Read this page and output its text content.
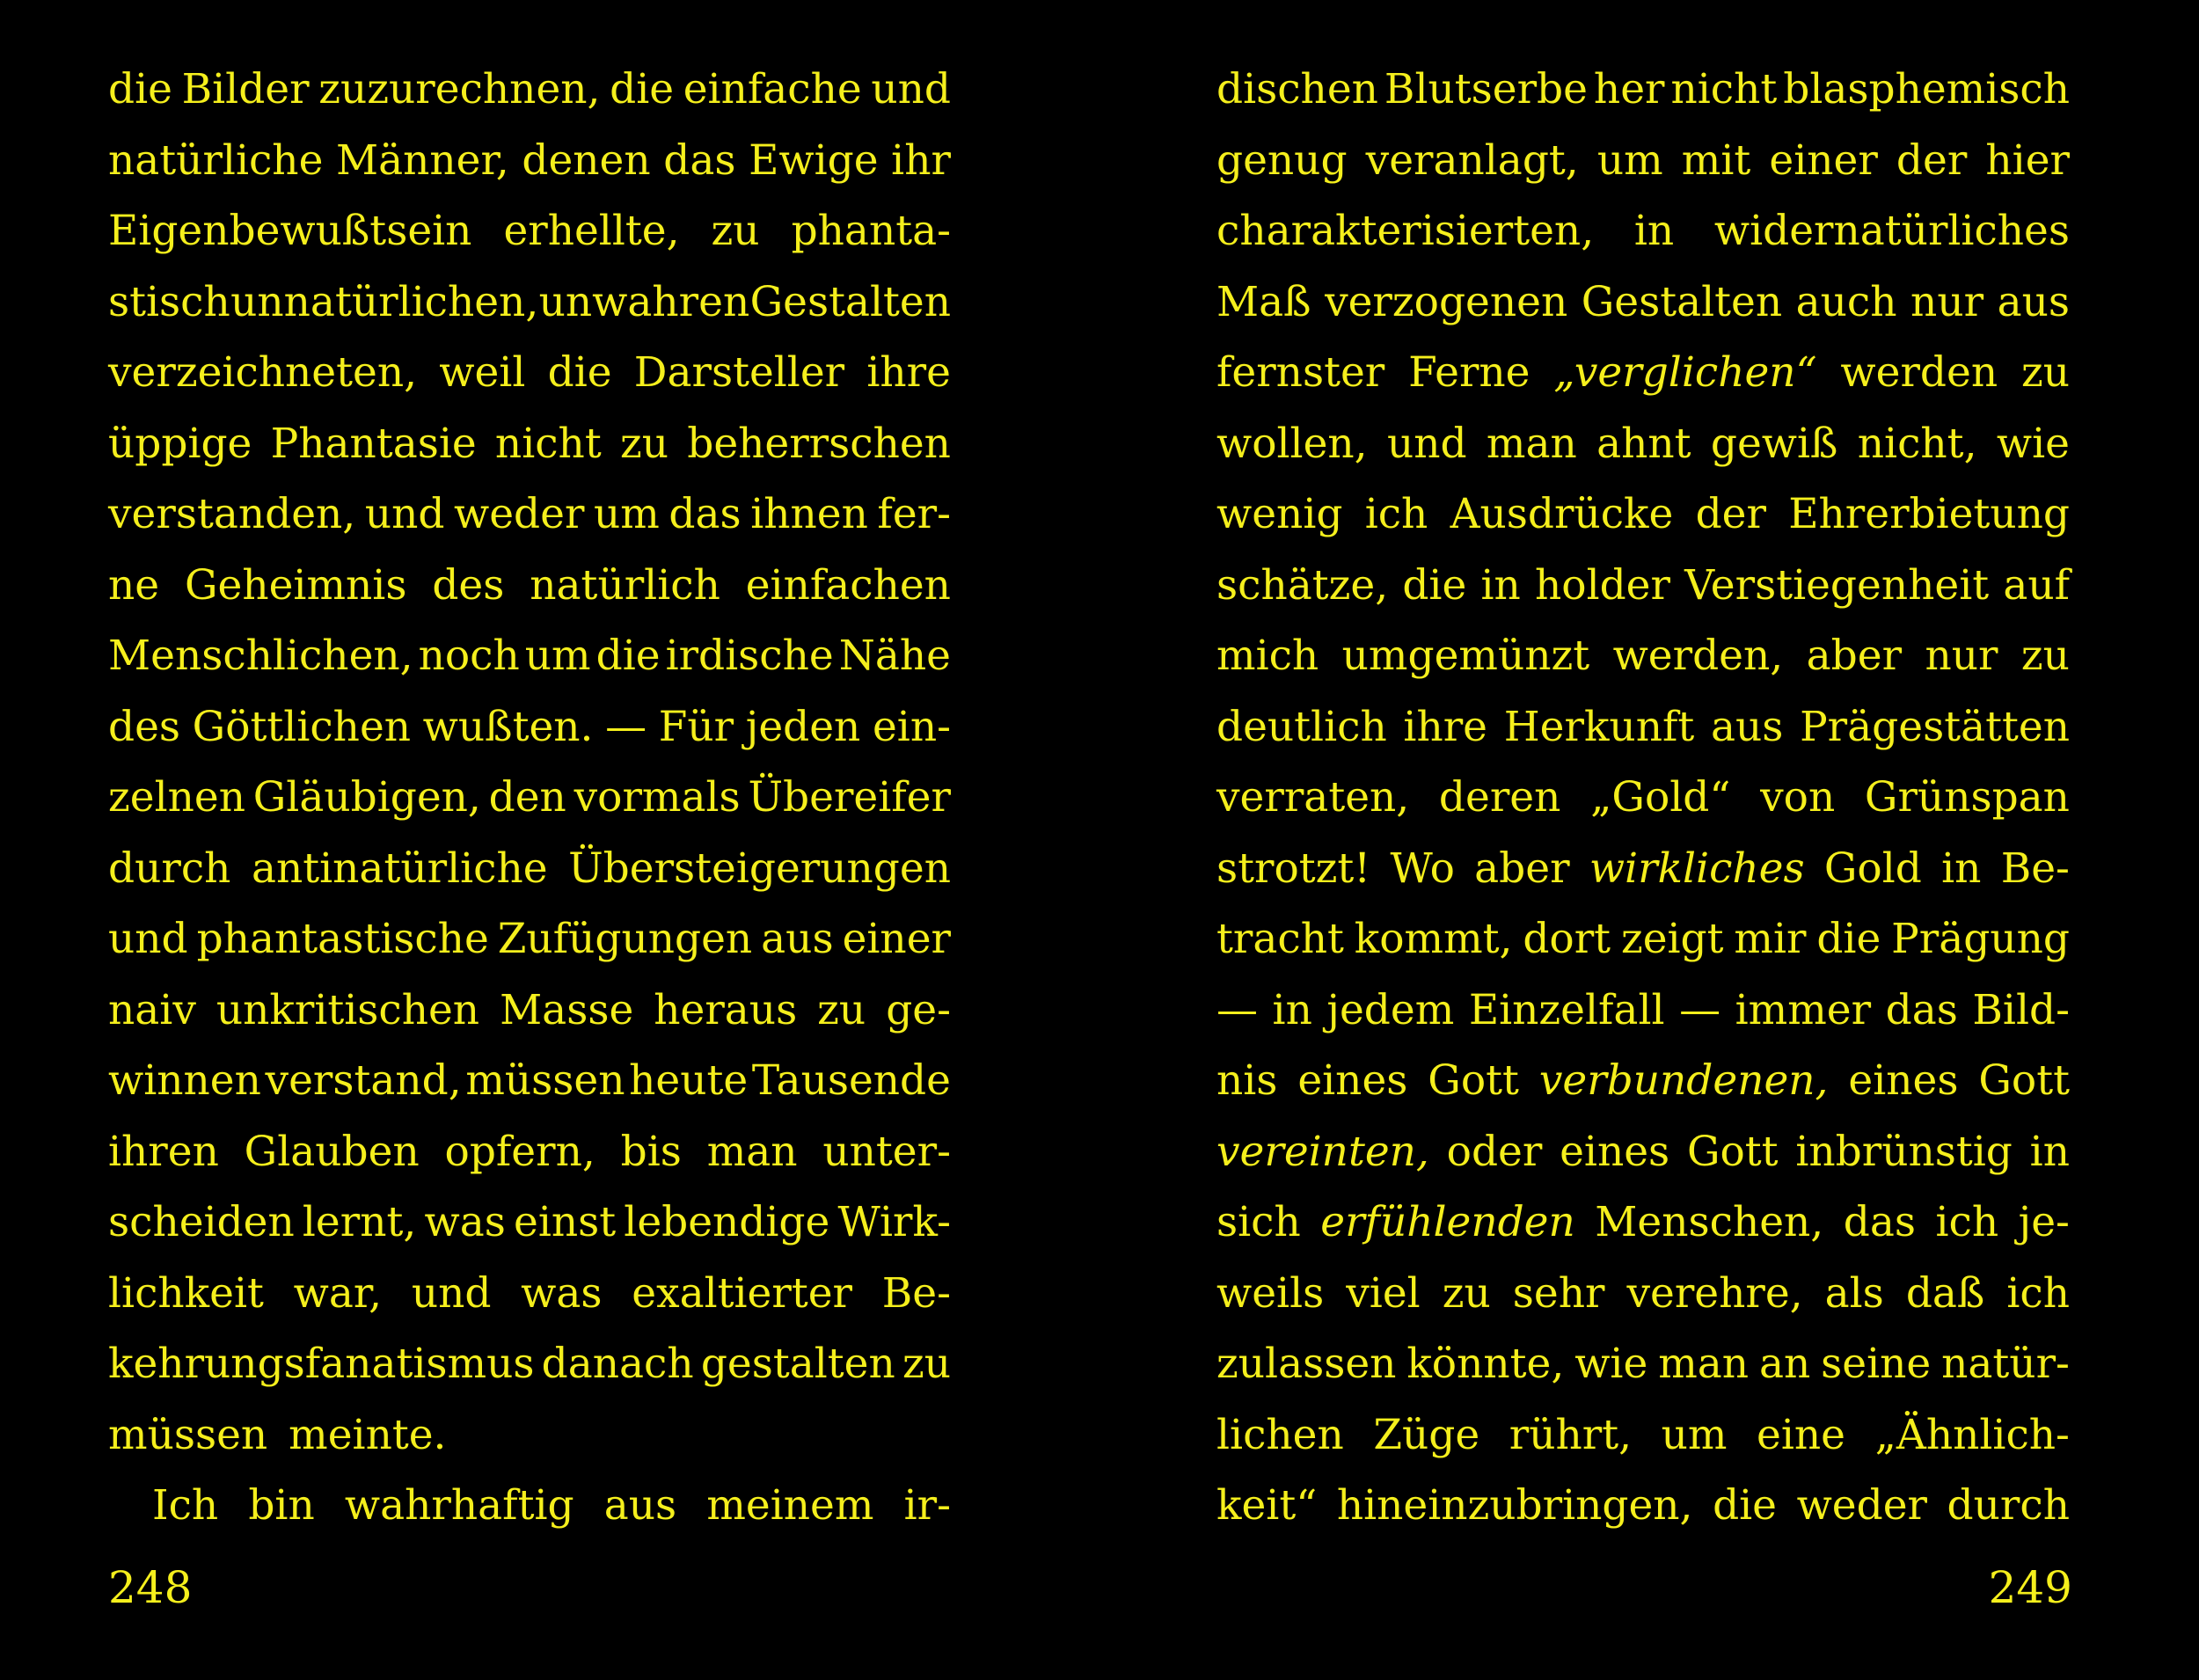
die Bilder zuzurechnen, die einfache und
natürliche Männer, denen das Ewige ihr
Eigenbewußtsein erhellte, zu phanta-
stisch unnatürlichen, unwahren Gestalten
verzeichneten, weil die Darsteller ihre
üppige Phantasie nicht zu beherrschen
verstanden, und weder um das ihnen fer-
ne Geheimnis des natürlich einfachen
Menschlichen, noch um die irdische Nähe
des Göttlichen wußten. — Für jeden ein-
zelnen Gläubigen, den vormals Übereifer
durch antinatürliche Übersteigerungen
und phantastische Zufügungen aus einer
naiv unkritischen Masse heraus zu ge-
winnen verstand, müssen heute Tausende
ihren Glauben opfern, bis man unter-
scheiden lernt, was einst lebendige Wirk-
lichkeit war, und was exaltierter Be-
kehrungsfanatismus danach gestalten zu
müssen meinte.
Ich bin wahrhaftig aus meinem ir-
dischen Blutserbe her nicht blasphemisch
genug veranlagt, um mit einer der hier
charakterisierten, in widernatürliches
Maß verzogenen Gestalten auch nur aus
fernster Ferne „verglichen“ werden zu
wollen, und man ahnt gewiß nicht, wie
wenig ich Ausdrücke der Ehrerbietung
schätze, die in holder Verstiegenheit auf
mich umgemünzt werden, aber nur zu
deutlich ihre Herkunft aus Prägestätten
verraten, deren „Gold“ von Grünspan
strotzt! Wo aber wirkliches Gold in Be-
tracht kommt, dort zeigt mir die Prägung
— in jedem Einzelfall — immer das Bild-
nis eines Gott verbundenen, eines Gott
vereinten, oder eines Gott inbrünstig in
sich erfühlenden Menschen, das ich je-
weils viel zu sehr verehre, als daß ich
zulassen könnte, wie man an seine natür-
lichen Züge rührt, um eine „Ähnlich-
keit“ hineinzubringen, die weder durch
248	249
